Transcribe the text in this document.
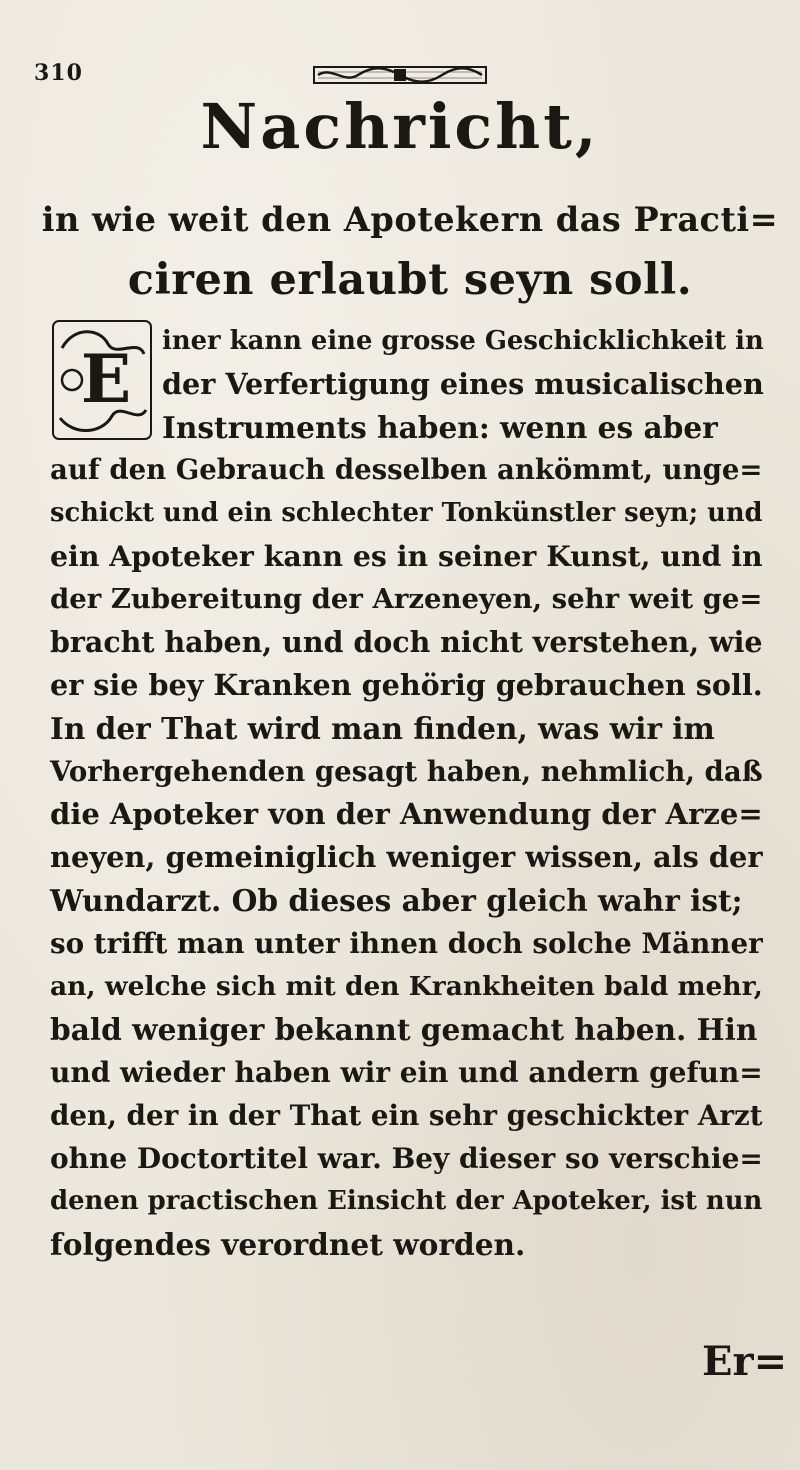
310
Nachricht,
in wie weit den Apotekern das Practi=
ciren erlaubt seyn soll.
E	iner kann eine grosse Geschicklichkeit in
der Verfertigung eines musicalischen
Instruments haben: wenn es aber
auf den Gebrauch desselben ankömmt, unge=
schickt und ein schlechter Tonkünstler seyn; und
ein Apoteker kann es in seiner Kunst, und in
der Zubereitung der Arzeneyen, sehr weit ge=
bracht haben, und doch nicht verstehen, wie
er sie bey Kranken gehörig gebrauchen soll.
In der That wird man finden, was wir im
Vorhergehenden gesagt haben, nehmlich, daß
die Apoteker von der Anwendung der Arze=
neyen, gemeiniglich weniger wissen, als der
Wundarzt. Ob dieses aber gleich wahr ist;
so trifft man unter ihnen doch solche Männer
an, welche sich mit den Krankheiten bald mehr,
bald weniger bekannt gemacht haben. Hin
und wieder haben wir ein und andern gefun=
den, der in der That ein sehr geschickter Arzt
ohne Doctortitel war. Bey dieser so verschie=
denen practischen Einsicht der Apoteker, ist nun
folgendes verordnet worden.
Er=
